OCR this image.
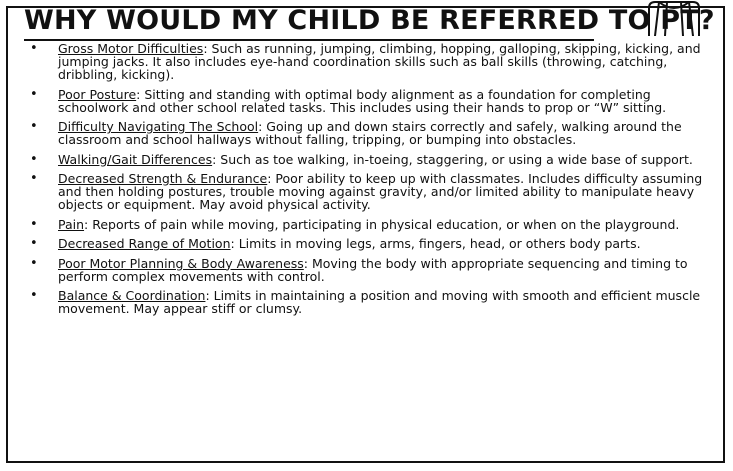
WHY WOULD MY CHILD BE REFERRED TO PT?
• Gross Motor Difficulties: Such as running, jumping, climbing, hopping, galloping, skipping, kicking, and jumping jacks. It also includes eye-hand coordination skills such as ball skills (throwing, catching, dribbling, kicking).
• Poor Posture: Sitting and standing with optimal body alignment as a foundation for completing schoolwork and other school related tasks. This includes using their hands to prop or “W” sitting.
• Difficulty Navigating The School: Going up and down stairs correctly and safely, walking around the classroom and school hallways without falling, tripping, or bumping into obstacles.
• Walking/Gait Differences: Such as toe walking, in-toeing, staggering, or using a wide base of support.
• Decreased Strength & Endurance: Poor ability to keep up with classmates. Includes difficulty assuming and then holding postures, trouble moving against gravity, and/or limited ability to manipulate heavy objects or equipment. May avoid physical activity.
• Pain: Reports of pain while moving, participating in physical education, or when on the playground.
• Decreased Range of Motion: Limits in moving legs, arms, fingers, head, or others body parts.
• Poor Motor Planning & Body Awareness: Moving the body with appropriate sequencing and timing to perform complex movements with control.
• Balance & Coordination: Limits in maintaining a position and moving with smooth and efficient muscle movement. May appear stiff or clumsy.
